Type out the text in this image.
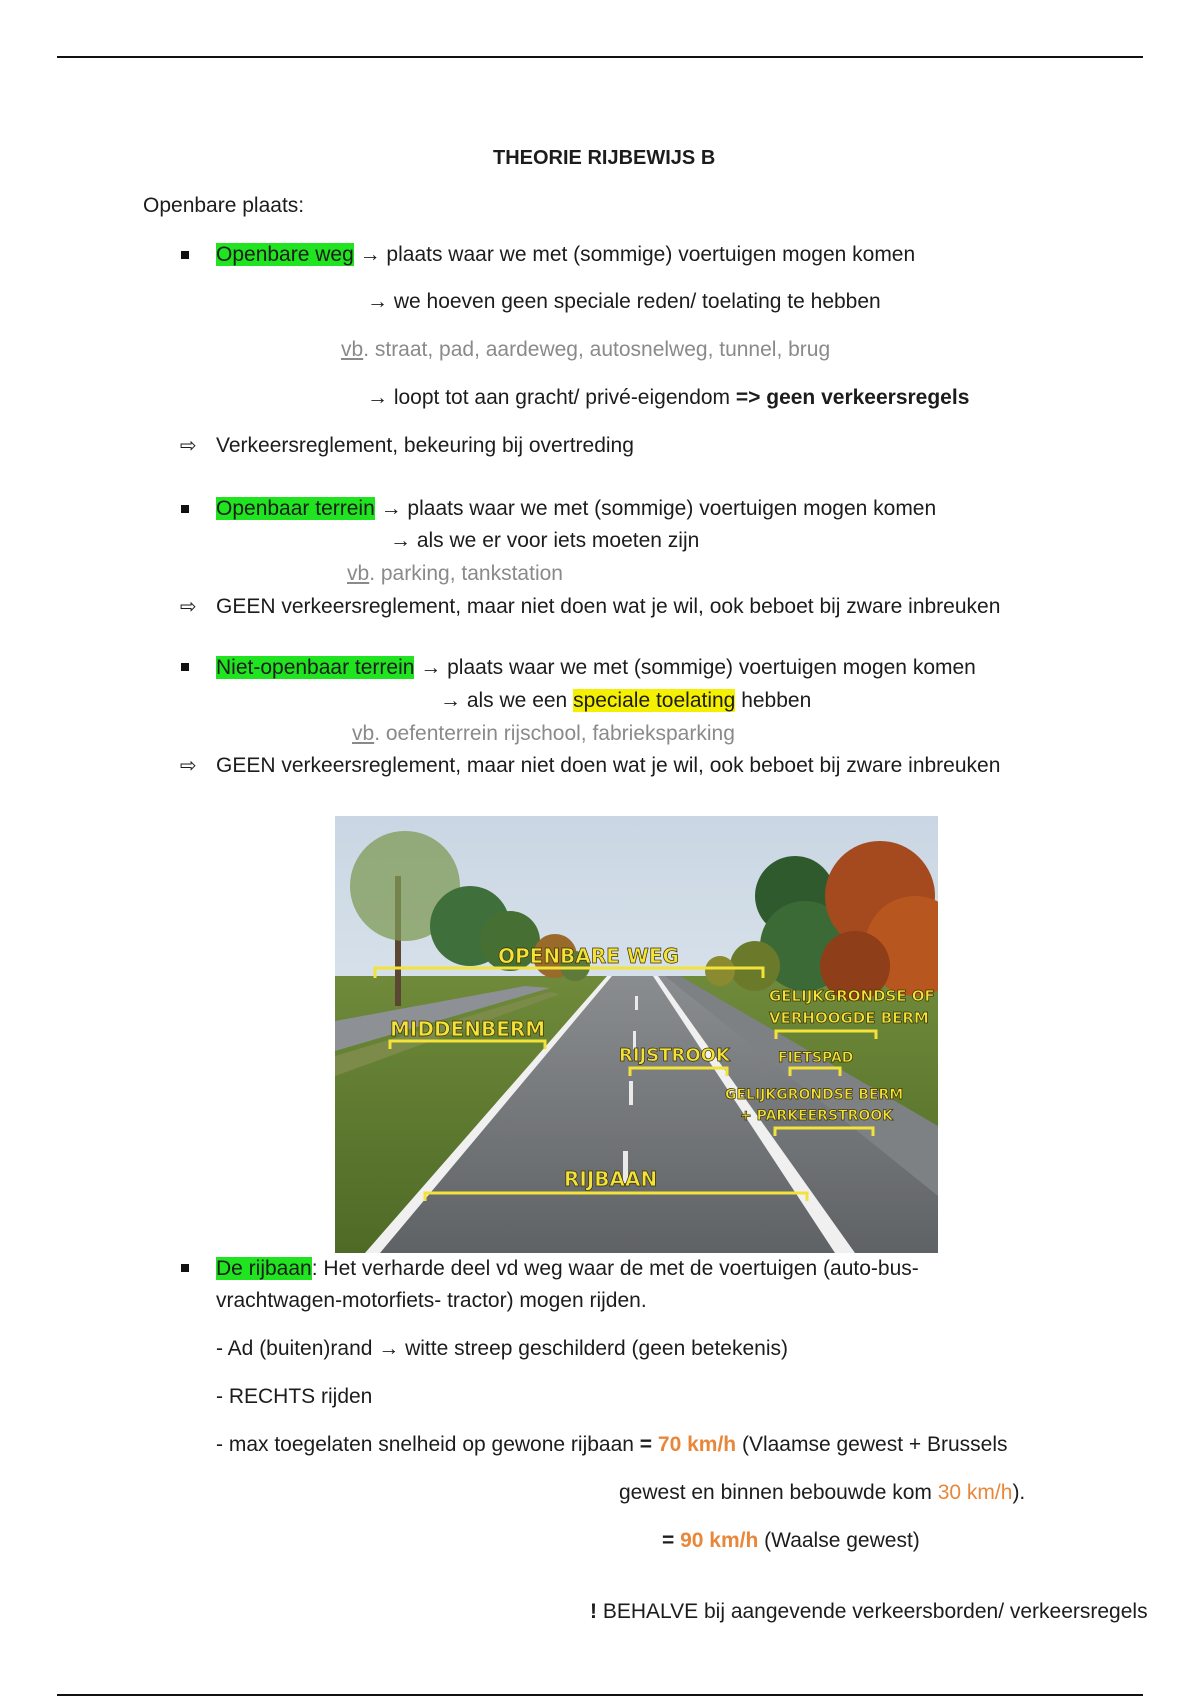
THEORIE RIJBEWIJS B
Openbare plaats:
Openbare weg → plaats waar we met (sommige) voertuigen mogen komen
→ we hoeven geen speciale reden/ toelating te hebben
vb. straat, pad, aardeweg, autosnelweg, tunnel, brug
→ loopt tot aan gracht/ privé-eigendom => geen verkeersregels
⇨ Verkeersreglement, bekeuring bij overtreding
Openbaar terrein → plaats waar we met (sommige) voertuigen mogen komen
→ als we er voor iets moeten zijn
vb. parking, tankstation
⇨ GEEN verkeersreglement, maar niet doen wat je wil, ook beboet bij zware inbreuken
Niet-openbaar terrein → plaats waar we met (sommige) voertuigen mogen komen
→ als we een speciale toelating hebben
vb. oefenterrein rijschool, fabrieksparking
⇨ GEEN verkeersreglement, maar niet doen wat je wil, ook beboet bij zware inbreuken
OPENBARE WEG
MIDDENBERM
RIJSTROOK
GELIJKGRONDSE OF
VERHOOGDE BERM
FIETSPAD
GELIJKGRONDSE BERM
+ PARKEERSTROOK
RIJBAAN
De rijbaan: Het verharde deel vd weg waar de met de voertuigen (auto-bus-
vrachtwagen-motorfiets- tractor) mogen rijden.
- Ad (buiten)rand → witte streep geschilderd (geen betekenis)
- RECHTS rijden
- max toegelaten snelheid op gewone rijbaan = 70 km/h (Vlaamse gewest + Brussels
gewest en binnen bebouwde kom 30 km/h).
= 90 km/h (Waalse gewest)
! BEHALVE bij aangevende verkeersborden/ verkeersregels
